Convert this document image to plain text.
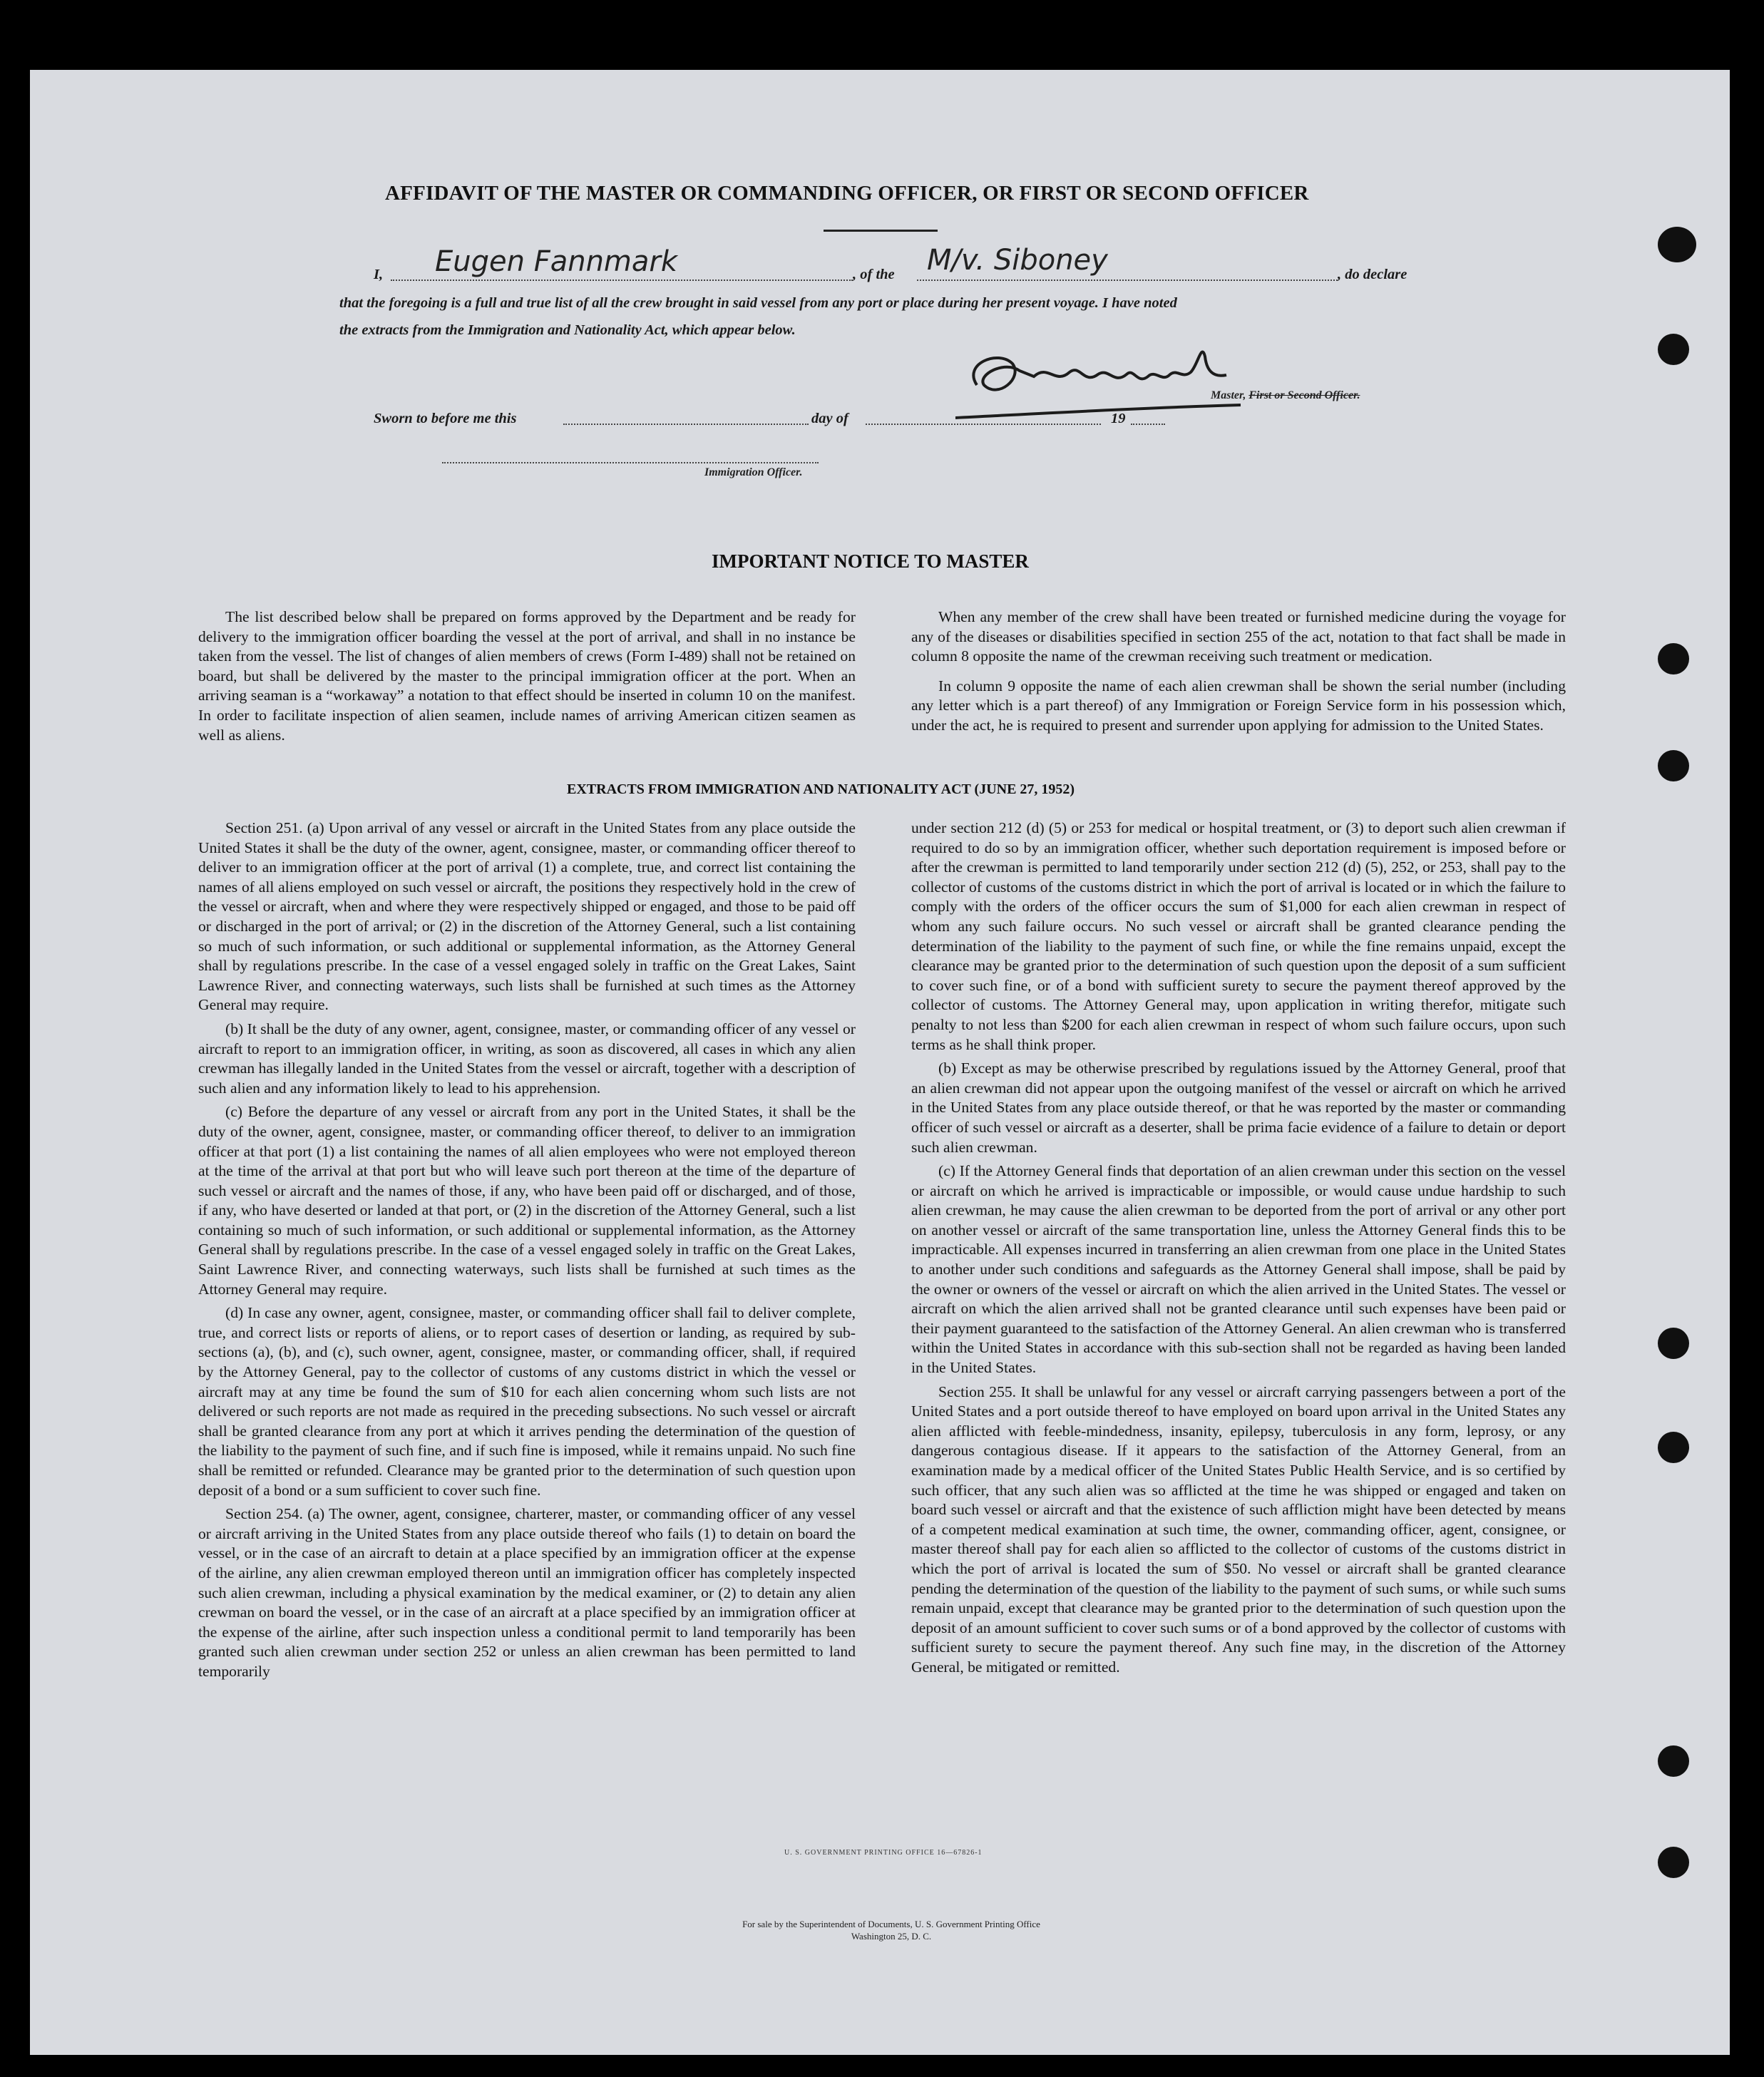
AFFIDAVIT OF THE MASTER OR COMMANDING OFFICER, OR FIRST OR SECOND OFFICER
I, Eugen Fannmark	, of the M/v. Siboney	, do declare
that the foregoing is a full and true list of all the crew brought in said vessel from any port or place during her present voyage. I have noted
the extracts from the Immigration and Nationality Act, which appear below.
Master, First or Second Officer.
Sworn to before me this	day of	19
Immigration Officer.
IMPORTANT NOTICE TO MASTER

The list described below shall be prepared on forms approved by the Department and be ready for delivery to the immigration officer boarding the vessel at the port of arrival, and shall in no instance be taken from the vessel. The list of changes of alien members of crews (Form I-489) shall not be retained on board, but shall be delivered by the master to the principal immigration officer at the port. When an arriving seaman is a “workaway” a notation to that effect should be inserted in column 10 on the manifest. In order to facilitate inspection of alien seamen, include names of arriving American citizen seamen as well as aliens.

When any member of the crew shall have been treated or furnished medicine during the voyage for any of the diseases or disabilities specified in section 255 of the act, notation to that fact shall be made in column 8 opposite the name of the crewman receiving such treatment or medication.

In column 9 opposite the name of each alien crewman shall be shown the serial number (including any letter which is a part thereof) of any Immigration or Foreign Service form in his possession which, under the act, he is required to present and surrender upon applying for admission to the United States.

EXTRACTS FROM IMMIGRATION AND NATIONALITY ACT (JUNE 27, 1952)

Section 251. (a) Upon arrival of any vessel or aircraft in the United States from any place outside the United States it shall be the duty of the owner, agent, consignee, master, or commanding officer thereof to deliver to an immigration officer at the port of arrival (1) a complete, true, and correct list containing the names of all aliens employed on such vessel or aircraft, the positions they respectively hold in the crew of the vessel or aircraft, when and where they were respectively shipped or engaged, and those to be paid off or discharged in the port of arrival; or (2) in the discretion of the Attorney General, such a list containing so much of such information, or such additional or supplemental information, as the Attorney General shall by regulations prescribe. In the case of a vessel engaged solely in traffic on the Great Lakes, Saint Lawrence River, and connecting waterways, such lists shall be furnished at such times as the Attorney General may require.

(b) It shall be the duty of any owner, agent, consignee, master, or commanding officer of any vessel or aircraft to report to an immigration officer, in writing, as soon as discovered, all cases in which any alien crewman has illegally landed in the United States from the vessel or aircraft, together with a description of such alien and any information likely to lead to his apprehension.

(c) Before the departure of any vessel or aircraft from any port in the United States, it shall be the duty of the owner, agent, consignee, master, or commanding officer thereof, to deliver to an immigration officer at that port (1) a list containing the names of all alien employees who were not employed thereon at the time of the arrival at that port but who will leave such port thereon at the time of the departure of such vessel or aircraft and the names of those, if any, who have been paid off or discharged, and of those, if any, who have deserted or landed at that port, or (2) in the discretion of the Attorney General, such a list containing so much of such information, or such additional or supplemental information, as the Attorney General shall by regulations prescribe. In the case of a vessel engaged solely in traffic on the Great Lakes, Saint Lawrence River, and connecting waterways, such lists shall be furnished at such times as the Attorney General may require.

(d) In case any owner, agent, consignee, master, or commanding officer shall fail to deliver complete, true, and correct lists or reports of aliens, or to report cases of desertion or landing, as required by sub-sections (a), (b), and (c), such owner, agent, consignee, master, or commanding officer, shall, if required by the Attorney General, pay to the collector of customs of any customs district in which the vessel or aircraft may at any time be found the sum of $10 for each alien concerning whom such lists are not delivered or such reports are not made as required in the preceding subsections. No such vessel or aircraft shall be granted clearance from any port at which it arrives pending the determination of the question of the liability to the payment of such fine, and if such fine is imposed, while it remains unpaid. No such fine shall be remitted or refunded. Clearance may be granted prior to the determination of such question upon deposit of a bond or a sum sufficient to cover such fine.

Section 254. (a) The owner, agent, consignee, charterer, master, or commanding officer of any vessel or aircraft arriving in the United States from any place outside thereof who fails (1) to detain on board the vessel, or in the case of an aircraft to detain at a place specified by an immigration officer at the expense of the airline, any alien crewman employed thereon until an immigration officer has completely inspected such alien crewman, including a physical examination by the medical examiner, or (2) to detain any alien crewman on board the vessel, or in the case of an aircraft at a place specified by an immigration officer at the expense of the airline, after such inspection unless a conditional permit to land temporarily has been granted such alien crewman under section 252 or unless an alien crewman has been permitted to land temporarily

under section 212 (d) (5) or 253 for medical or hospital treatment, or (3) to deport such alien crewman if required to do so by an immigration officer, whether such deportation requirement is imposed before or after the crewman is permitted to land temporarily under section 212 (d) (5), 252, or 253, shall pay to the collector of customs of the customs district in which the port of arrival is located or in which the failure to comply with the orders of the officer occurs the sum of $1,000 for each alien crewman in respect of whom any such failure occurs. No such vessel or aircraft shall be granted clearance pending the determination of the liability to the payment of such fine, or while the fine remains unpaid, except the clearance may be granted prior to the determination of such question upon the deposit of a sum sufficient to cover such fine, or of a bond with sufficient surety to secure the payment thereof approved by the collector of customs. The Attorney General may, upon application in writing therefor, mitigate such penalty to not less than $200 for each alien crewman in respect of whom such failure occurs, upon such terms as he shall think proper.

(b) Except as may be otherwise prescribed by regulations issued by the Attorney General, proof that an alien crewman did not appear upon the outgoing manifest of the vessel or aircraft on which he arrived in the United States from any place outside thereof, or that he was reported by the master or commanding officer of such vessel or aircraft as a deserter, shall be prima facie evidence of a failure to detain or deport such alien crewman.

(c) If the Attorney General finds that deportation of an alien crewman under this section on the vessel or aircraft on which he arrived is impracticable or impossible, or would cause undue hardship to such alien crewman, he may cause the alien crewman to be deported from the port of arrival or any other port on another vessel or aircraft of the same transportation line, unless the Attorney General finds this to be impracticable. All expenses incurred in transferring an alien crewman from one place in the United States to another under such conditions and safeguards as the Attorney General shall impose, shall be paid by the owner or owners of the vessel or aircraft on which the alien arrived in the United States. The vessel or aircraft on which the alien arrived shall not be granted clearance until such expenses have been paid or their payment guaranteed to the satisfaction of the Attorney General. An alien crewman who is transferred within the United States in accordance with this sub-section shall not be regarded as having been landed in the United States.

Section 255. It shall be unlawful for any vessel or aircraft carrying passengers between a port of the United States and a port outside thereof to have employed on board upon arrival in the United States any alien afflicted with feeble-mindedness, insanity, epilepsy, tuberculosis in any form, leprosy, or any dangerous contagious disease. If it appears to the satisfaction of the Attorney General, from an examination made by a medical officer of the United States Public Health Service, and is so certified by such officer, that any such alien was so afflicted at the time he was shipped or engaged and taken on board such vessel or aircraft and that the existence of such affliction might have been detected by means of a competent medical examination at such time, the owner, commanding officer, agent, consignee, or master thereof shall pay for each alien so afflicted to the collector of customs of the customs district in which the port of arrival is located the sum of $50. No vessel or aircraft shall be granted clearance pending the determination of the question of the liability to the payment of such sums, or while such sums remain unpaid, except that clearance may be granted prior to the determination of such question upon the deposit of an amount sufficient to cover such sums or of a bond approved by the collector of customs with sufficient surety to secure the payment thereof. Any such fine may, in the discretion of the Attorney General, be mitigated or remitted.

U. S. GOVERNMENT PRINTING OFFICE 16—67826-1
For sale by the Superintendent of Documents, U. S. Government Printing Office
Washington 25, D. C.
